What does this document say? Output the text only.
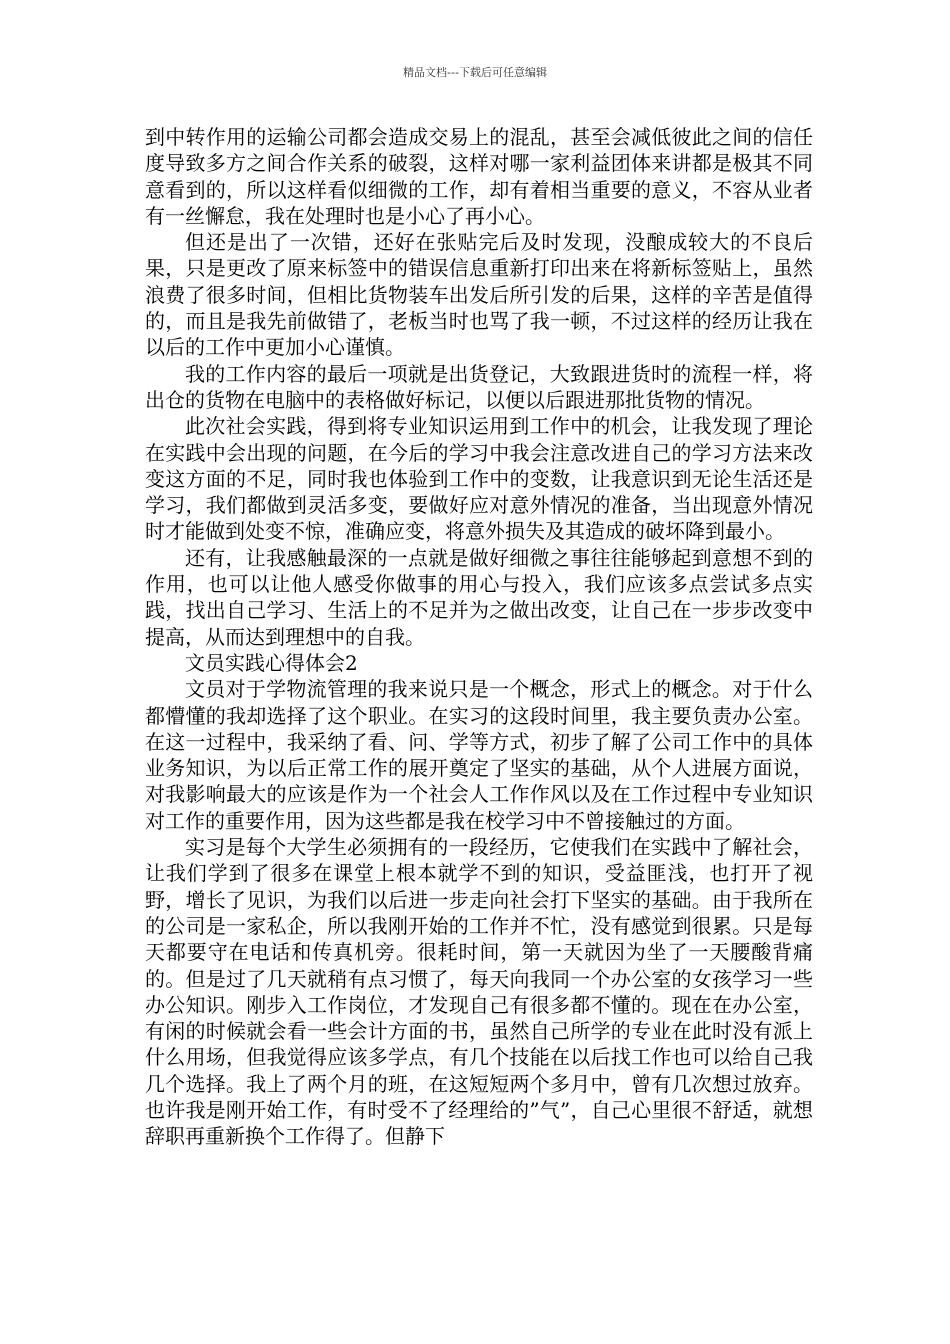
精品文档---下载后可任意编辑

到中转作用的运输公司都会造成交易上的混乱，甚至会减低彼此之间的信任度导致多方之间合作关系的破裂，这样对哪一家利益团体来讲都是极其不同意看到的，所以这样看似细微的工作，却有着相当重要的意义，不容从业者有一丝懈怠，我在处理时也是小心了再小心。

但还是出了一次错，还好在张贴完后及时发现，没酿成较大的不良后果，只是更改了原来标签中的错误信息重新打印出来在将新标签贴上，虽然浪费了很多时间，但相比货物装车出发后所引发的后果，这样的辛苦是值得的，而且是我先前做错了，老板当时也骂了我一顿，不过这样的经历让我在以后的工作中更加小心谨慎。

我的工作内容的最后一项就是出货登记，大致跟进货时的流程一样，将出仓的货物在电脑中的表格做好标记，以便以后跟进那批货物的情况。

此次社会实践，得到将专业知识运用到工作中的机会，让我发现了理论在实践中会出现的问题，在今后的学习中我会注意改进自己的学习方法来改变这方面的不足，同时我也体验到工作中的变数，让我意识到无论生活还是学习，我们都做到灵活多变，要做好应对意外情况的准备，当出现意外情况时才能做到处变不惊，准确应变，将意外损失及其造成的破坏降到最小。

还有，让我感触最深的一点就是做好细微之事往往能够起到意想不到的作用，也可以让他人感受你做事的用心与投入，我们应该多点尝试多点实践，找出自己学习、生活上的不足并为之做出改变，让自己在一步步改变中提高，从而达到理想中的自我。

文员实践心得体会2

文员对于学物流管理的我来说只是一个概念，形式上的概念。对于什么都懵懂的我却选择了这个职业。在实习的这段时间里，我主要负责办公室。在这一过程中，我采纳了看、问、学等方式，初步了解了公司工作中的具体业务知识，为以后正常工作的展开奠定了坚实的基础，从个人进展方面说，对我影响最大的应该是作为一个社会人工作作风以及在工作过程中专业知识对工作的重要作用，因为这些都是我在校学习中不曾接触过的方面。

实习是每个大学生必须拥有的一段经历，它使我们在实践中了解社会，让我们学到了很多在课堂上根本就学不到的知识，受益匪浅，也打开了视野，增长了见识，为我们以后进一步走向社会打下坚实的基础。由于我所在的公司是一家私企，所以我刚开始的工作并不忙，没有感觉到很累。只是每天都要守在电话和传真机旁。很耗时间，第一天就因为坐了一天腰酸背痛的。但是过了几天就稍有点习惯了，每天向我同一个办公室的女孩学习一些办公知识。刚步入工作岗位，才发现自己有很多都不懂的。现在在办公室，有闲的时候就会看一些会计方面的书，虽然自己所学的专业在此时没有派上什么用场，但我觉得应该多学点，有几个技能在以后找工作也可以给自己我几个选择。我上了两个月的班，在这短短两个多月中，曾有几次想过放弃。也许我是刚开始工作，有时受不了经理给的”气”，自己心里很不舒适，就想辞职再重新换个工作得了。但静下
